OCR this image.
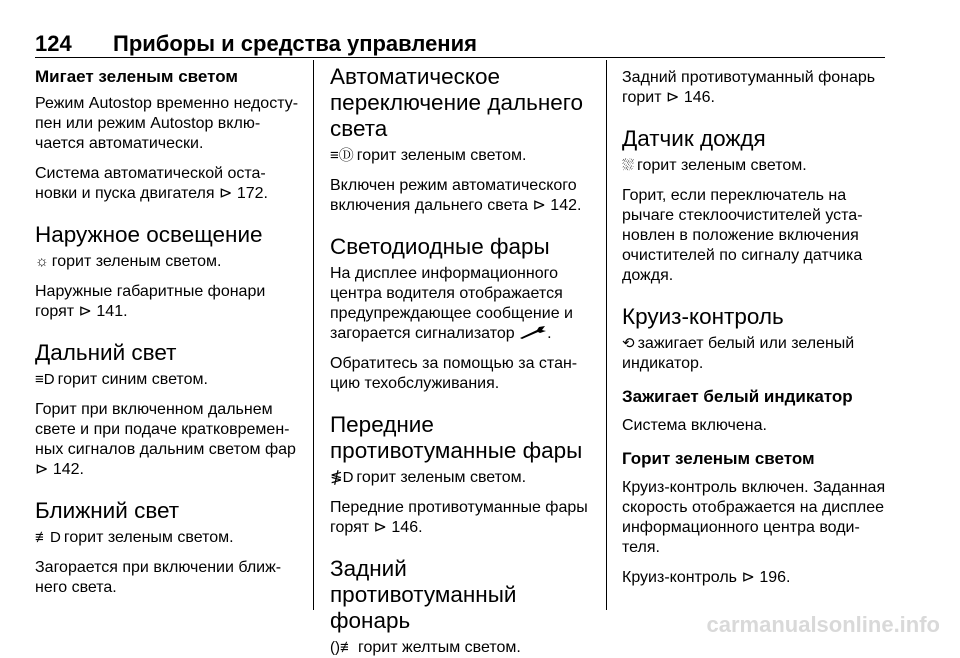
124 Приборы и средства управления

Мигает зеленым светом

Режим Autostop временно недосту-пен или режим Autostop вклю-чается автоматически.

Система автоматической оста-новки и пуска двигателя ⊳ 172.

Наружное освещение

☼ горит зеленым светом.

Наружные габаритные фонари горят ⊳ 141.

Дальний свет

≡D горит синим светом.

Горит при включенном дальнем свете и при подаче кратковремен-ных сигналов дальним светом фар

⊳ 142.

Ближний свет

≢D горит зеленым светом.

Загорается при включении ближ-него света.

Автоматическое
переключение дальнего
света

≡Ⓓ горит зеленым светом.

Включен режим автоматического включения дальнего света ⊳ 142.

Светодиодные фары

На дисплее информационного центра водителя отображается предупреждающее сообщение и загорается сигнализатор .

Обратитесь за помощью за стан-цию техобслуживания.

Передние
противотуманные фары

≸D горит зеленым светом.

Передние противотуманные фары горят ⊳ 146.

Задний противотуманный
фонарь

()≢ горит желтым светом.

Задний противотуманный фонарь горит ⊳ 146.

Датчик дождя

⛆ горит зеленым светом.

Горит, если переключатель на рычаге стеклоочистителей уста-новлен в положение включения очистителей по сигналу датчика дождя.

Круиз-контроль

⟲ зажигает белый или зеленый индикатор.

Зажигает белый индикатор

Система включена.

Горит зеленым светом

Круиз-контроль включен. Заданная скорость отображается на дисплее информационного центра води-теля.

Круиз-контроль ⊳ 196.

carmanualsonline.info
